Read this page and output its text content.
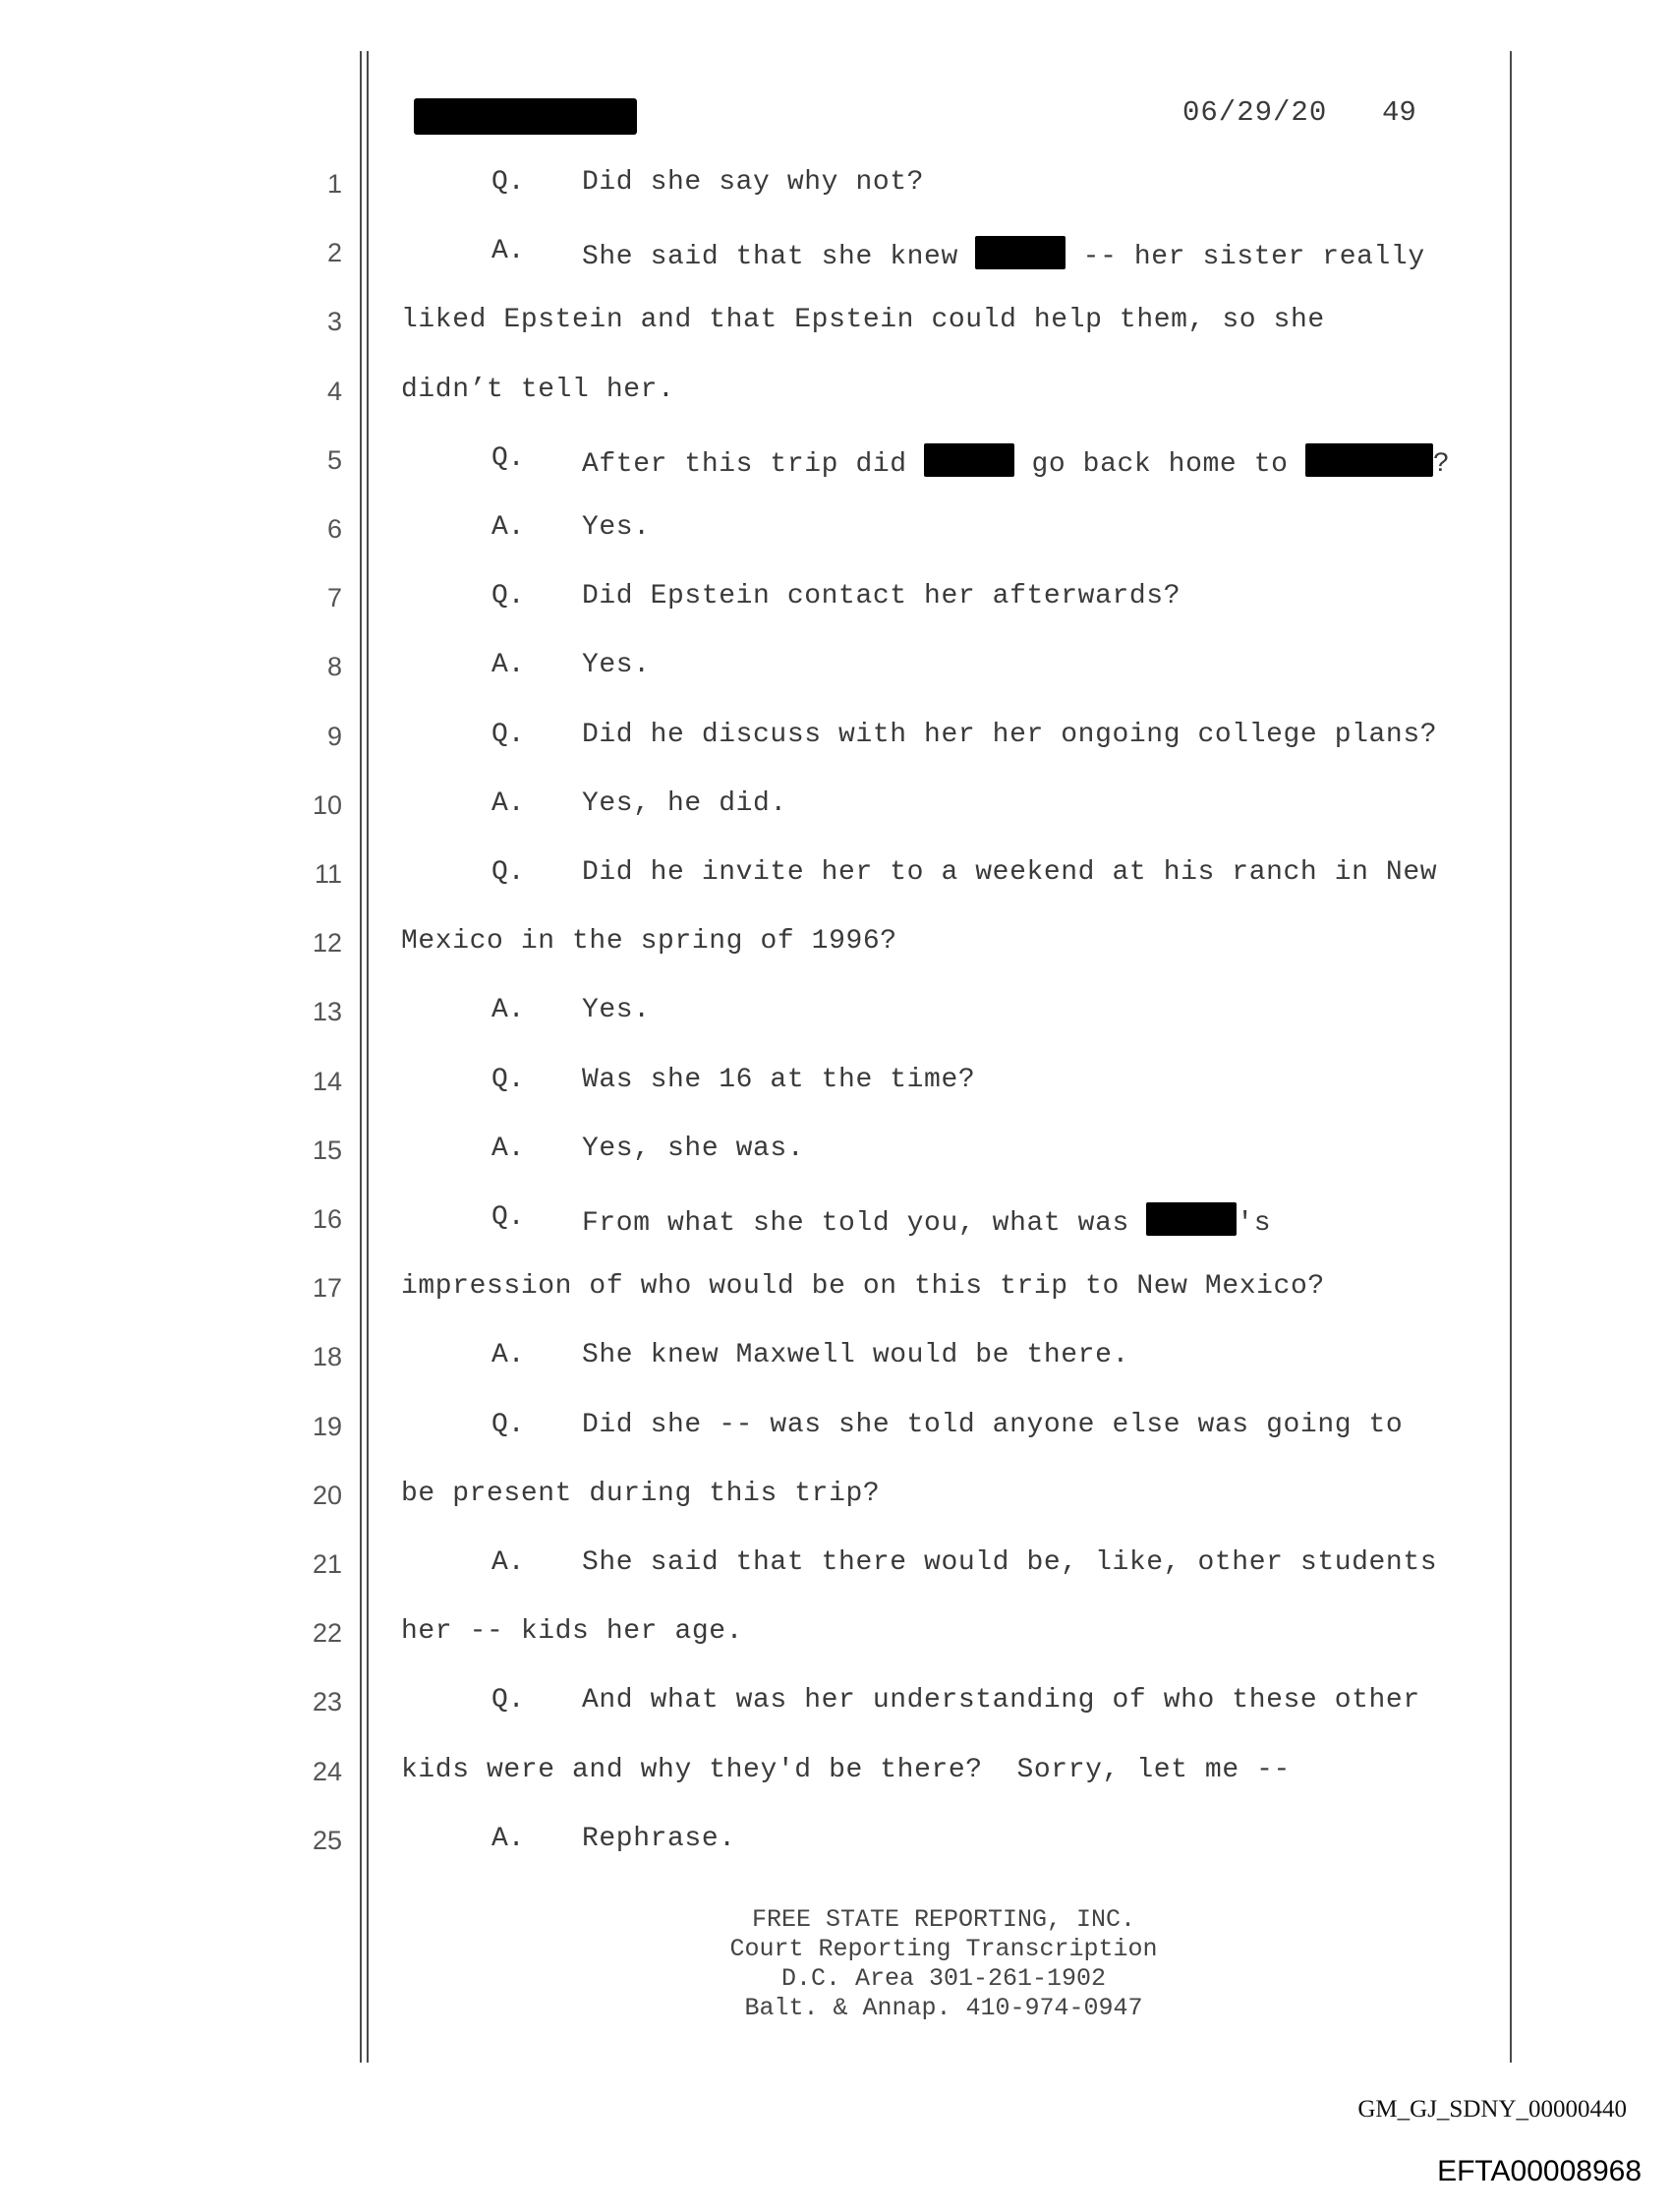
06/29/20 49
1	Q. Did she say why not?
2	A. She said that she knew	-- her sister really
3 liked Epstein and that Epstein could help them, so she
4 didn’t tell her.
5	Q. After this trip did	go back home to	?
6	A. Yes.
7	Q. Did Epstein contact her afterwards?
8	A. Yes.
9	Q. Did he discuss with her her ongoing college plans?
10	A. Yes, he did.
11	Q. Did he invite her to a weekend at his ranch in New
12 Mexico in the spring of 1996?
13	A. Yes.
14	Q. Was she 16 at the time?
15	A. Yes, she was.
16	Q. From what she told you, what was	's
17 impression of who would be on this trip to New Mexico?
18	A. She knew Maxwell would be there.
19	Q. Did she -- was she told anyone else was going to
20 be present during this trip?
21	A. She said that there would be, like, other students
22 her -- kids her age.
23	Q. And what was her understanding of who these other
24 kids were and why they'd be there?  Sorry, let me --
25	A. Rephrase.
FREE STATE REPORTING, INC.
Court Reporting Transcription
D.C. Area 301-261-1902
Balt. & Annap. 410-974-0947
GM_GJ_SDNY_00000440
EFTA00008968
